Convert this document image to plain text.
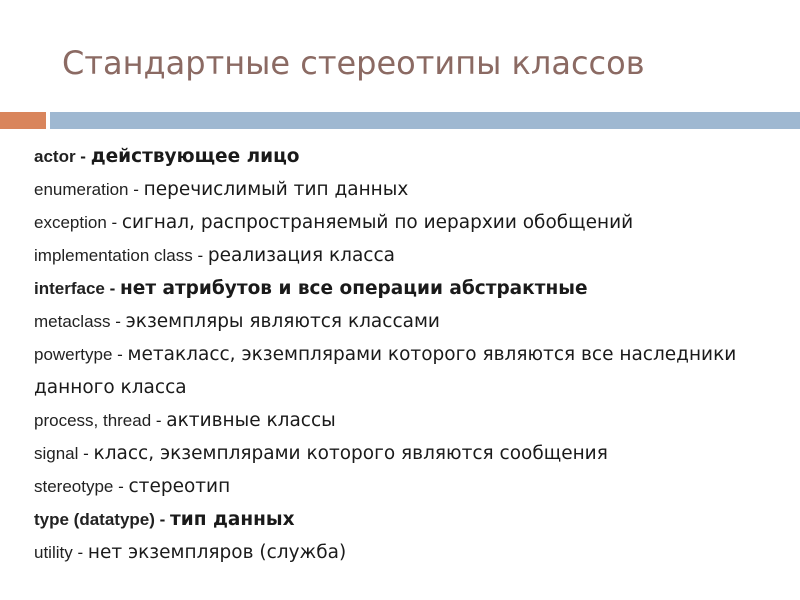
Стандартные стереотипы классов
actor - действующее лицо
enumeration - перечислимый тип данных
exception - сигнал, распространяемый по иерархии обобщений
implementation class - реализация класса
interface - нет атрибутов и все операции абстрактные
metaclass - экземпляры являются классами
powertype - метакласс, экземплярами которого являются все наследники данного класса
process, thread - активные классы
signal - класс, экземплярами которого являются сообщения
stereotype - стереотип
type (datatype) - тип данных
utility - нет экземпляров (служба)
